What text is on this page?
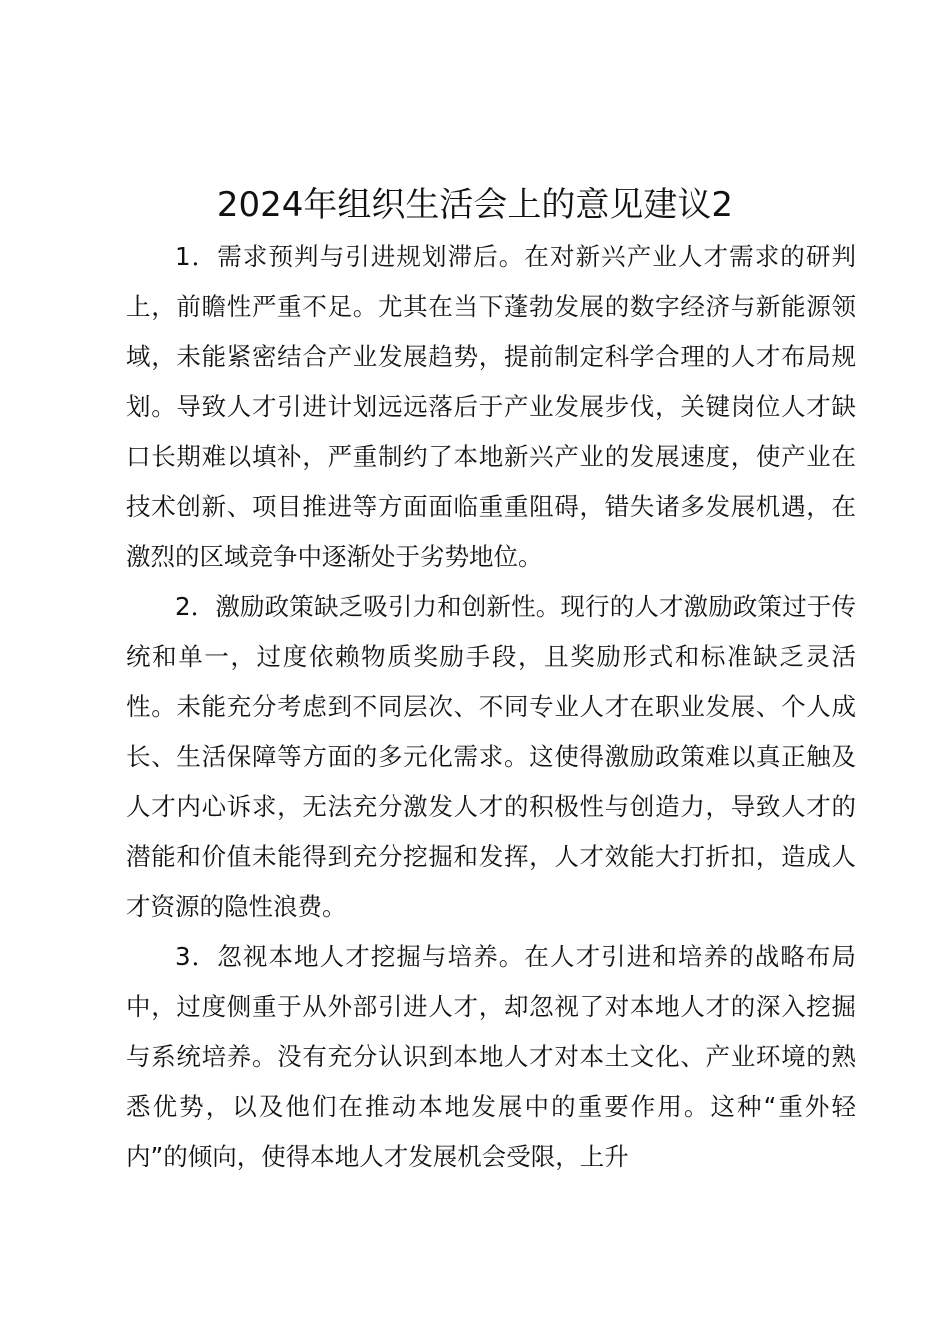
2024年组织生活会上的意见建议2

1．需求预判与引进规划滞后。在对新兴产业人才需求的研判上，前瞻性严重不足。尤其在当下蓬勃发展的数字经济与新能源领域，未能紧密结合产业发展趋势，提前制定科学合理的人才布局规划。导致人才引进计划远远落后于产业发展步伐，关键岗位人才缺口长期难以填补，严重制约了本地新兴产业的发展速度，使产业在技术创新、项目推进等方面面临重重阻碍，错失诸多发展机遇，在激烈的区域竞争中逐渐处于劣势地位。

2．激励政策缺乏吸引力和创新性。现行的人才激励政策过于传统和单一，过度依赖物质奖励手段，且奖励形式和标准缺乏灵活性。未能充分考虑到不同层次、不同专业人才在职业发展、个人成长、生活保障等方面的多元化需求。这使得激励政策难以真正触及人才内心诉求，无法充分激发人才的积极性与创造力，导致人才的潜能和价值未能得到充分挖掘和发挥，人才效能大打折扣，造成人才资源的隐性浪费。

3．忽视本地人才挖掘与培养。在人才引进和培养的战略布局中，过度侧重于从外部引进人才，却忽视了对本地人才的深入挖掘与系统培养。没有充分认识到本地人才对本土文化、产业环境的熟悉优势，以及他们在推动本地发展中的重要作用。这种“重外轻内”的倾向，使得本地人才发展机会受限，上升
